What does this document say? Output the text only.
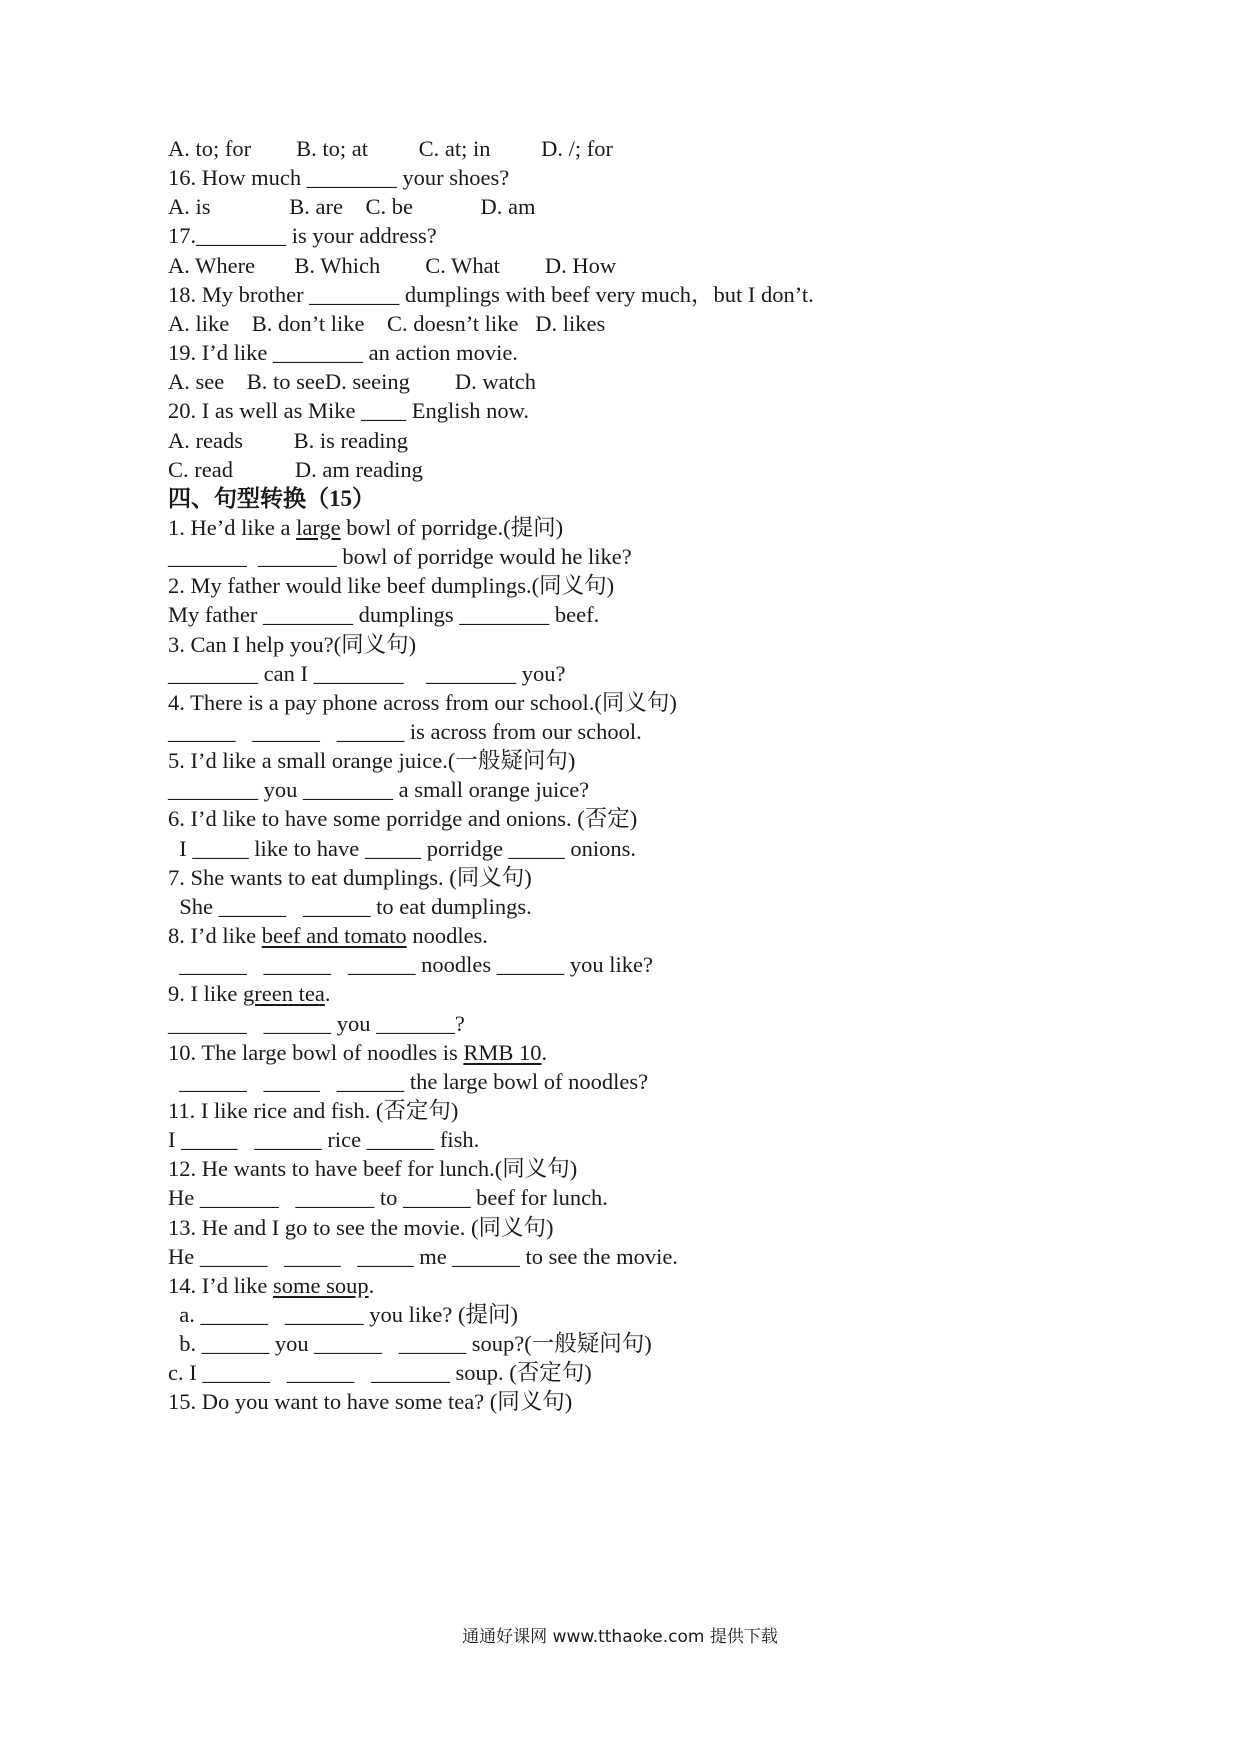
A. to; for        B. to; at         C. at; in         D. /; for
16. How much ________ your shoes?
A. is              B. are    C. be            D. am
17.________ is your address?
A. Where       B. Which        C. What        D. How
18. My brother ________ dumplings with beef very much，but I don’t.
A. like    B. don’t like    C. doesn’t like   D. likes
19. I’d like ________ an action movie.
A. see    B. to seeD. seeing        D. watch
20. I as well as Mike ____ English now.
A. reads         B. is reading
C. read           D. am reading
四、句型转换（15）
1. He’d like a large bowl of porridge.(提问)
_______  _______ bowl of porridge would he like?
2. My father would like beef dumplings.(同义句)
My father ________ dumplings ________ beef.
3. Can I help you?(同义句)
________ can I ________    ________ you?
4. There is a pay phone across from our school.(同义句)
______   ______   ______ is across from our school.
5. I’d like a small orange juice.(一般疑问句)
________ you ________ a small orange juice?
6. I’d like to have some porridge and onions. (否定)
I _____ like to have _____ porridge _____ onions.
7. She wants to eat dumplings. (同义句)
She ______   ______ to eat dumplings.
8. I’d like beef and tomato noodles.
______   ______   ______ noodles ______ you like?
9. I like green tea.
_______   ______ you _______?
10. The large bowl of noodles is RMB 10.
______   _____   ______ the large bowl of noodles?
11. I like rice and fish. (否定句)
I _____   ______ rice ______ fish.
12. He wants to have beef for lunch.(同义句)
He _______   _______ to ______ beef for lunch.
13. He and I go to see the movie. (同义句)
He ______   _____   _____ me ______ to see the movie.
14. I’d like some soup.
a. ______   _______ you like? (提问)
b. ______ you ______   ______ soup?(一般疑问句)
c. I ______   ______   _______ soup. (否定句)
15. Do you want to have some tea? (同义句)
通通好课网 www.tthaoke.com 提供下载
